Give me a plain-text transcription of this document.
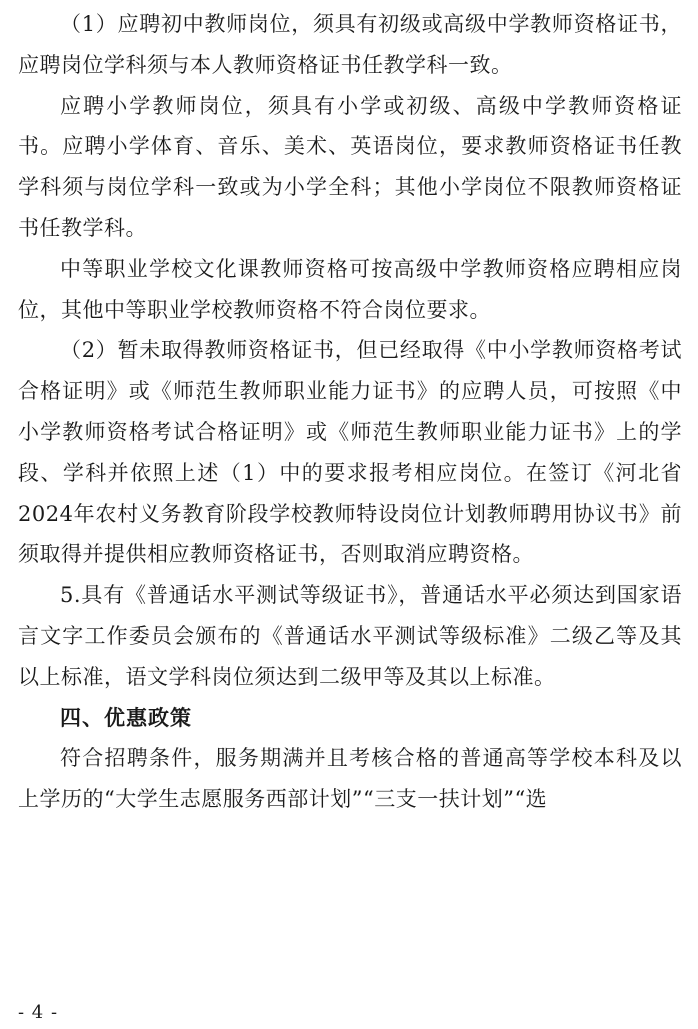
（1）应聘初中教师岗位，须具有初级或高级中学教师资格证书，应聘岗位学科须与本人教师资格证书任教学科一致。

应聘小学教师岗位，须具有小学或初级、高级中学教师资格证书。应聘小学体育、音乐、美术、英语岗位，要求教师资格证书任教学科须与岗位学科一致或为小学全科；其他小学岗位不限教师资格证书任教学科。

中等职业学校文化课教师资格可按高级中学教师资格应聘相应岗位，其他中等职业学校教师资格不符合岗位要求。

（2）暂未取得教师资格证书，但已经取得《中小学教师资格考试合格证明》或《师范生教师职业能力证书》的应聘人员，可按照《中小学教师资格考试合格证明》或《师范生教师职业能力证书》上的学段、学科并依照上述（1）中的要求报考相应岗位。在签订《河北省2024年农村义务教育阶段学校教师特设岗位计划教师聘用协议书》前须取得并提供相应教师资格证书，否则取消应聘资格。

5.具有《普通话水平测试等级证书》，普通话水平必须达到国家语言文字工作委员会颁布的《普通话水平测试等级标准》二级乙等及其以上标准，语文学科岗位须达到二级甲等及其以上标准。

四、优惠政策

符合招聘条件，服务期满并且考核合格的普通高等学校本科及以上学历的“大学生志愿服务西部计划”“三支一扶计划”“选

- 4 -
